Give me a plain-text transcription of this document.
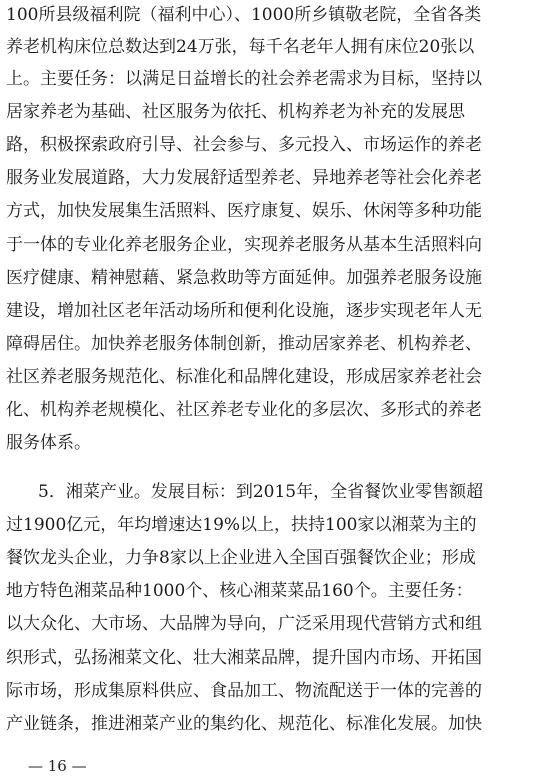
100所县级福利院（福利中心）、1000所乡镇敬老院，全省各类
养老机构床位总数达到24万张，每千名老年人拥有床位20张以
上。主要任务：以满足日益增长的社会养老需求为目标，坚持以
居家养老为基础、社区服务为依托、机构养老为补充的发展思
路，积极探索政府引导、社会参与、多元投入、市场运作的养老
服务业发展道路，大力发展舒适型养老、异地养老等社会化养老
方式，加快发展集生活照料、医疗康复、娱乐、休闲等多种功能
于一体的专业化养老服务企业，实现养老服务从基本生活照料向
医疗健康、精神慰藉、紧急救助等方面延伸。加强养老服务设施
建设，增加社区老年活动场所和便利化设施，逐步实现老年人无
障碍居住。加快养老服务体制创新，推动居家养老、机构养老、
社区养老服务规范化、标准化和品牌化建设，形成居家养老社会
化、机构养老规模化、社区养老专业化的多层次、多形式的养老
服务体系。
5．湘菜产业。发展目标：到2015年，全省餐饮业零售额超
过1900亿元，年均增速达19%以上，扶持100家以湘菜为主的
餐饮龙头企业，力争8家以上企业进入全国百强餐饮企业；形成
地方特色湘菜品种1000个、核心湘菜菜品160个。主要任务：
以大众化、大市场、大品牌为导向，广泛采用现代营销方式和组
织形式，弘扬湘菜文化、壮大湘菜品牌，提升国内市场、开拓国
际市场，形成集原料供应、食品加工、物流配送于一体的完善的
产业链条，推进湘菜产业的集约化、规范化、标准化发展。加快
— 16 —
